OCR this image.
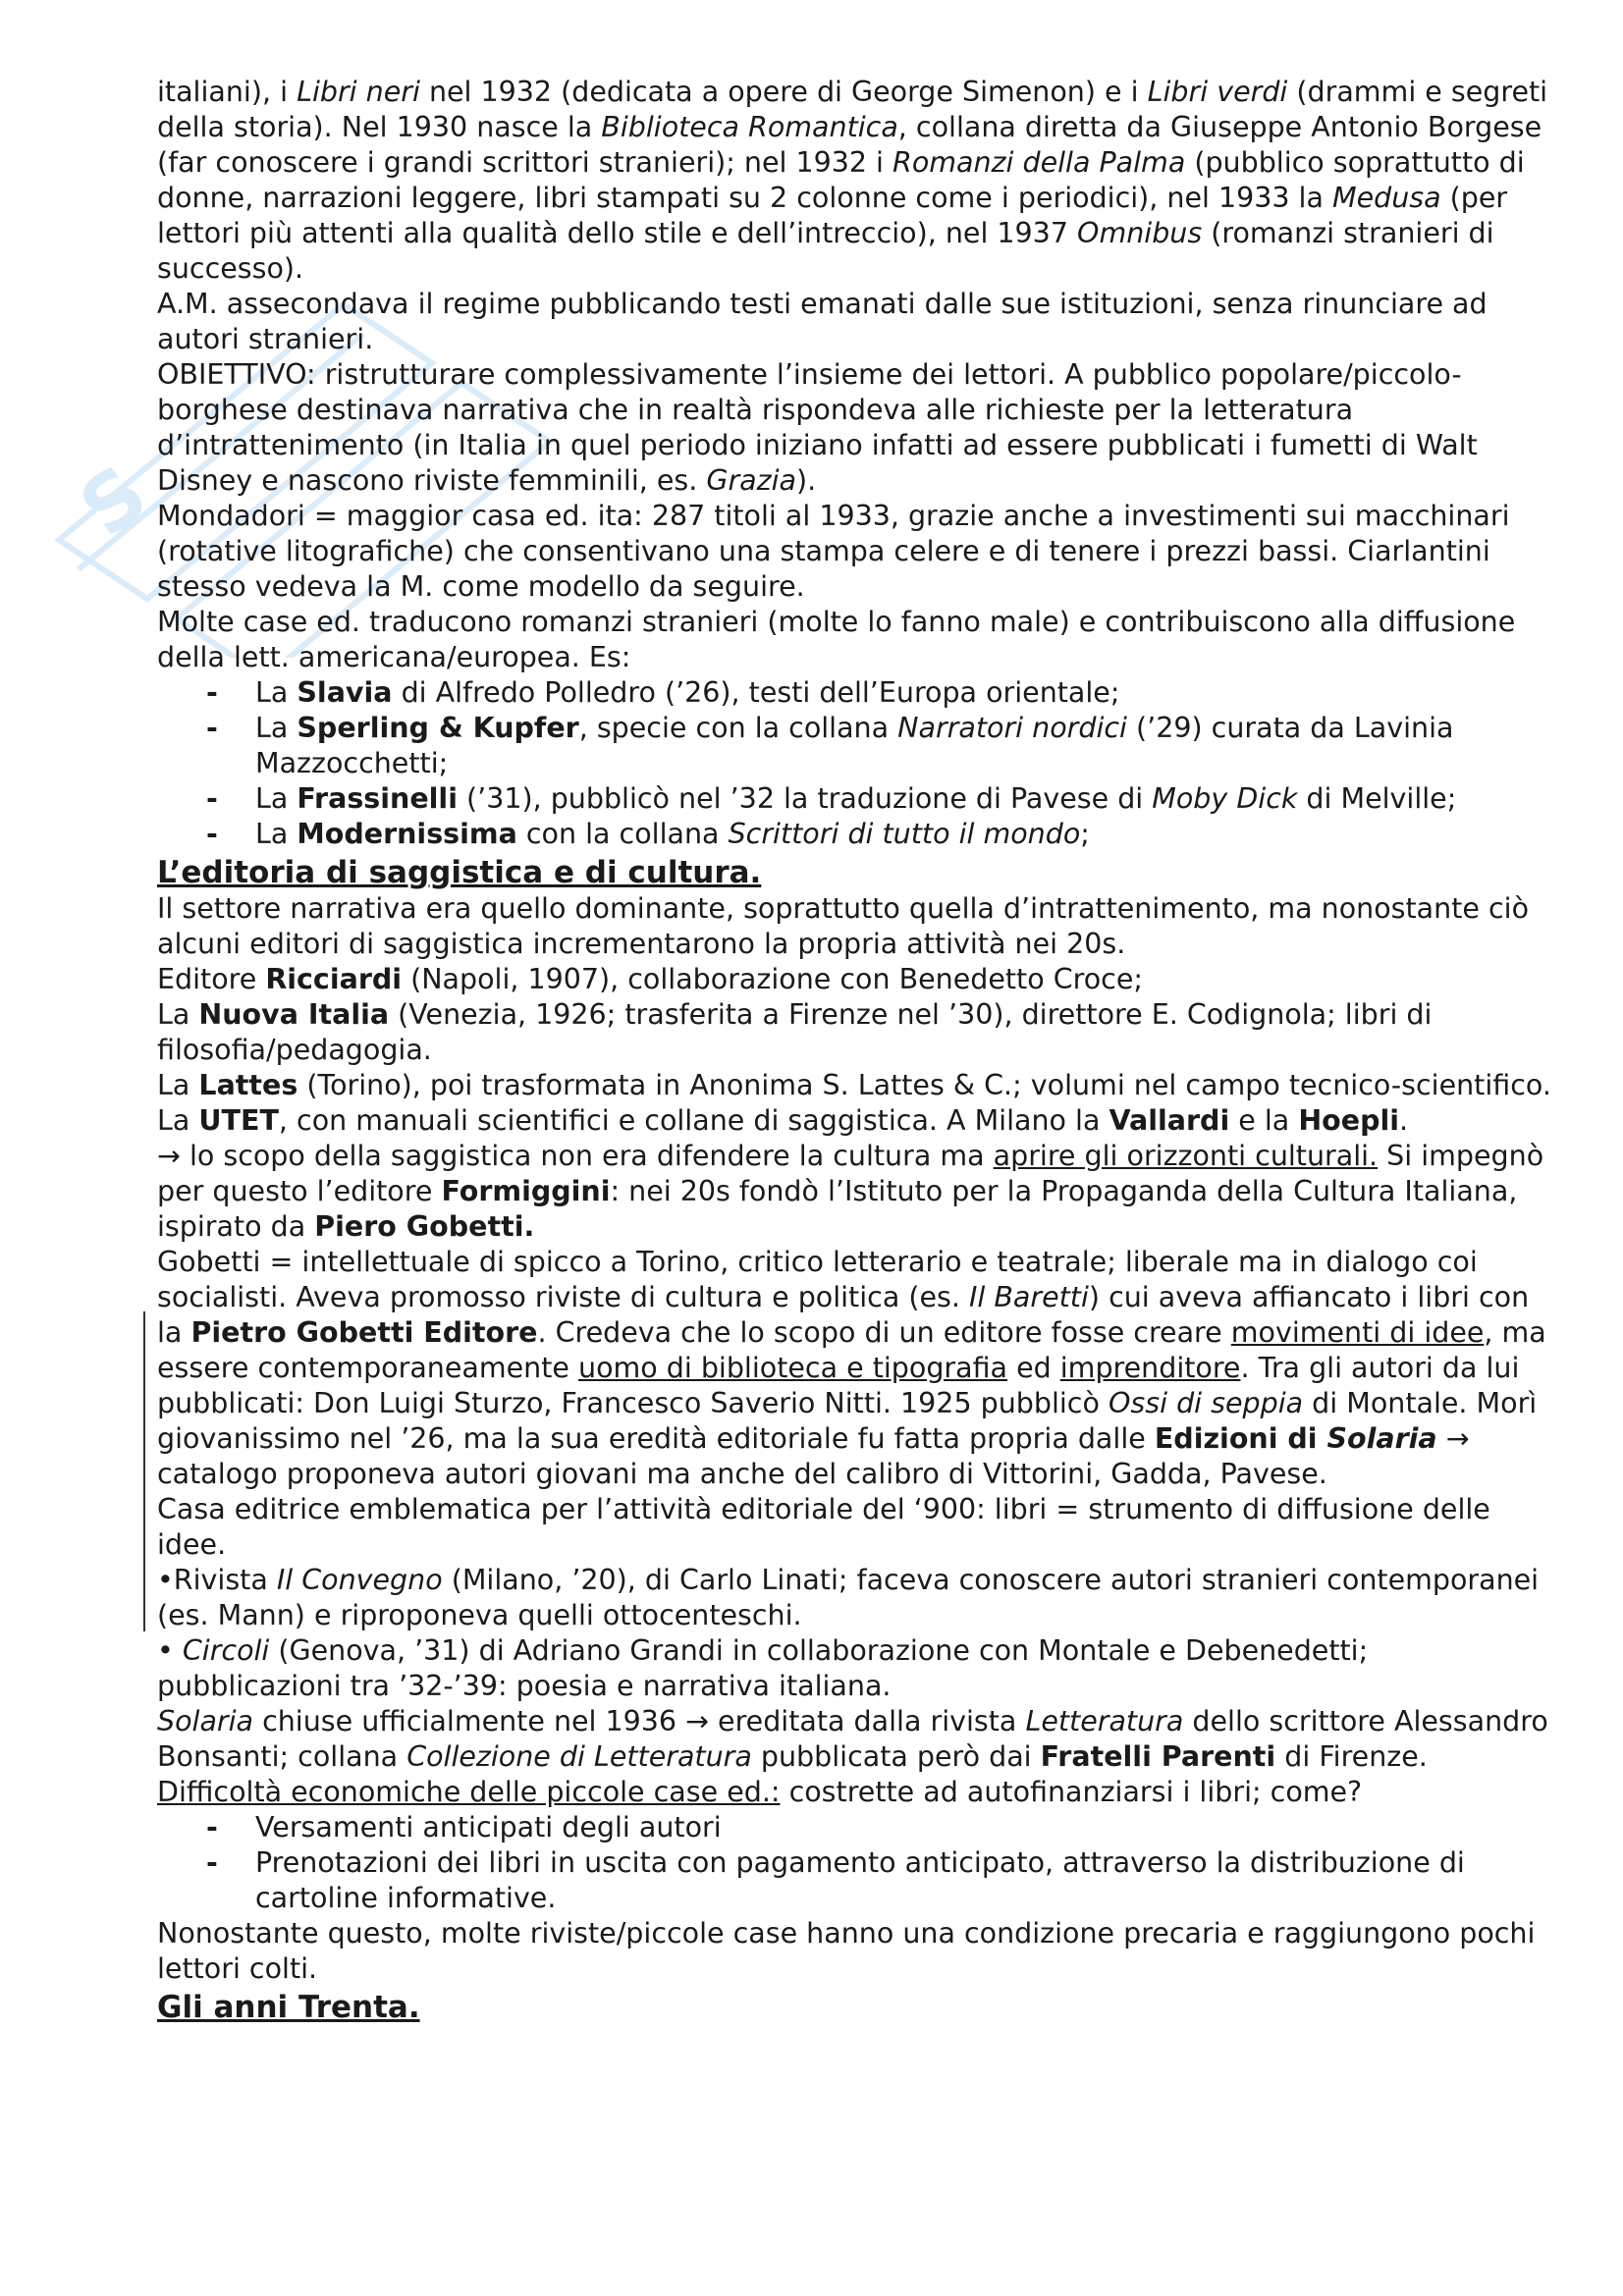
S

italiani), i Libri neri nel 1932 (dedicata a opere di George Simenon) e i Libri verdi (drammi e segreti della storia). Nel 1930 nasce la Biblioteca Romantica, collana diretta da Giuseppe Antonio Borgese (far conoscere i grandi scrittori stranieri); nel 1932 i Romanzi della Palma (pubblico soprattutto di donne, narrazioni leggere, libri stampati su 2 colonne come i periodici), nel 1933 la Medusa (per lettori più attenti alla qualità dello stile e dell’intreccio), nel 1937 Omnibus (romanzi stranieri di successo).

A.M. assecondava il regime pubblicando testi emanati dalle sue istituzioni, senza rinunciare ad autori stranieri.

OBIETTIVO: ristrutturare complessivamente l’insieme dei lettori. A pubblico popolare/piccolo-borghese destinava narrativa che in realtà rispondeva alle richieste per la letteratura d’intrattenimento (in Italia in quel periodo iniziano infatti ad essere pubblicati i fumetti di Walt Disney e nascono riviste femminili, es. Grazia).

Mondadori = maggior casa ed. ita: 287 titoli al 1933, grazie anche a investimenti sui macchinari (rotative litografiche) che consentivano una stampa celere e di tenere i prezzi bassi. Ciarlantini stesso vedeva la M. come modello da seguire.

Molte case ed. traducono romanzi stranieri (molte lo fanno male) e contribuiscono alla diffusione della lett. americana/europea. Es:

- La Slavia di Alfredo Polledro (’26), testi dell’Europa orientale;
- La Sperling & Kupfer, specie con la collana Narratori nordici (’29) curata da Lavinia Mazzocchetti;
- La Frassinelli (’31), pubblicò nel ’32 la traduzione di Pavese di Moby Dick di Melville;
- La Modernissima con la collana Scrittori di tutto il mondo;
L’editoria di saggistica e di cultura.

Il settore narrativa era quello dominante, soprattutto quella d’intrattenimento, ma nonostante ciò alcuni editori di saggistica incrementarono la propria attività nei 20s.

Editore Ricciardi (Napoli, 1907), collaborazione con Benedetto Croce;

La Nuova Italia (Venezia, 1926; trasferita a Firenze nel ’30), direttore E. Codignola; libri di filosofia/pedagogia.

La Lattes (Torino), poi trasformata in Anonima S. Lattes & C.; volumi nel campo tecnico-scientifico.

La UTET, con manuali scientifici e collane di saggistica. A Milano la Vallardi e la Hoepli.

→ lo scopo della saggistica non era difendere la cultura ma aprire gli orizzonti culturali. Si impegnò per questo l’editore Formiggini: nei 20s fondò l’Istituto per la Propaganda della Cultura Italiana, ispirato da Piero Gobetti.

Gobetti = intellettuale di spicco a Torino, critico letterario e teatrale; liberale ma in dialogo coi socialisti. Aveva promosso riviste di cultura e politica (es. Il Baretti) cui aveva affiancato i libri con la Pietro Gobetti Editore. Credeva che lo scopo di un editore fosse creare movimenti di idee, ma essere contemporaneamente uomo di biblioteca e tipografia ed imprenditore. Tra gli autori da lui pubblicati: Don Luigi Sturzo, Francesco Saverio Nitti. 1925 pubblicò Ossi di seppia di Montale. Morì giovanissimo nel ’26, ma la sua eredità editoriale fu fatta propria dalle Edizioni di Solaria → catalogo proponeva autori giovani ma anche del calibro di Vittorini, Gadda, Pavese.

Casa editrice emblematica per l’attività editoriale del ‘900: libri = strumento di diffusione delle idee.

•Rivista Il Convegno (Milano, ’20), di Carlo Linati; faceva conoscere autori stranieri contemporanei (es. Mann) e riproponeva quelli ottocenteschi.

• Circoli (Genova, ’31) di Adriano Grandi in collaborazione con Montale e Debenedetti; pubblicazioni tra ’32-’39: poesia e narrativa italiana.

Solaria chiuse ufficialmente nel 1936 → ereditata dalla rivista Letteratura dello scrittore Alessandro Bonsanti; collana Collezione di Letteratura pubblicata però dai Fratelli Parenti di Firenze.

Difficoltà economiche delle piccole case ed.: costrette ad autofinanziarsi i libri; come?

- Versamenti anticipati degli autori
- Prenotazioni dei libri in uscita con pagamento anticipato, attraverso la distribuzione di cartoline informative.

Nonostante questo, molte riviste/piccole case hanno una condizione precaria e raggiungono pochi lettori colti.

Gli anni Trenta.
